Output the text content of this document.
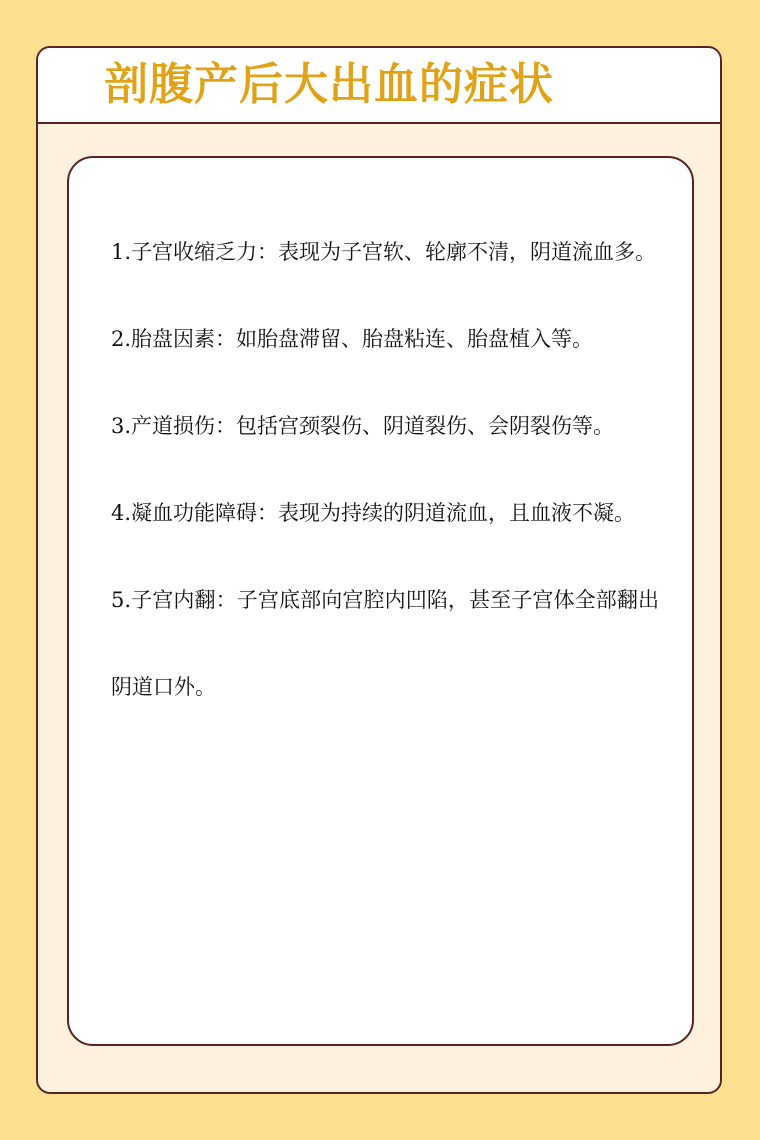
剖腹产后大出血的症状
1.子宫收缩乏力：表现为子宫软、轮廓不清，阴道流血多。
2.胎盘因素：如胎盘滞留、胎盘粘连、胎盘植入等。
3.产道损伤：包括宫颈裂伤、阴道裂伤、会阴裂伤等。
4.凝血功能障碍：表现为持续的阴道流血，且血液不凝。
5.子宫内翻：子宫底部向宫腔内凹陷，甚至子宫体全部翻出阴道口外。
